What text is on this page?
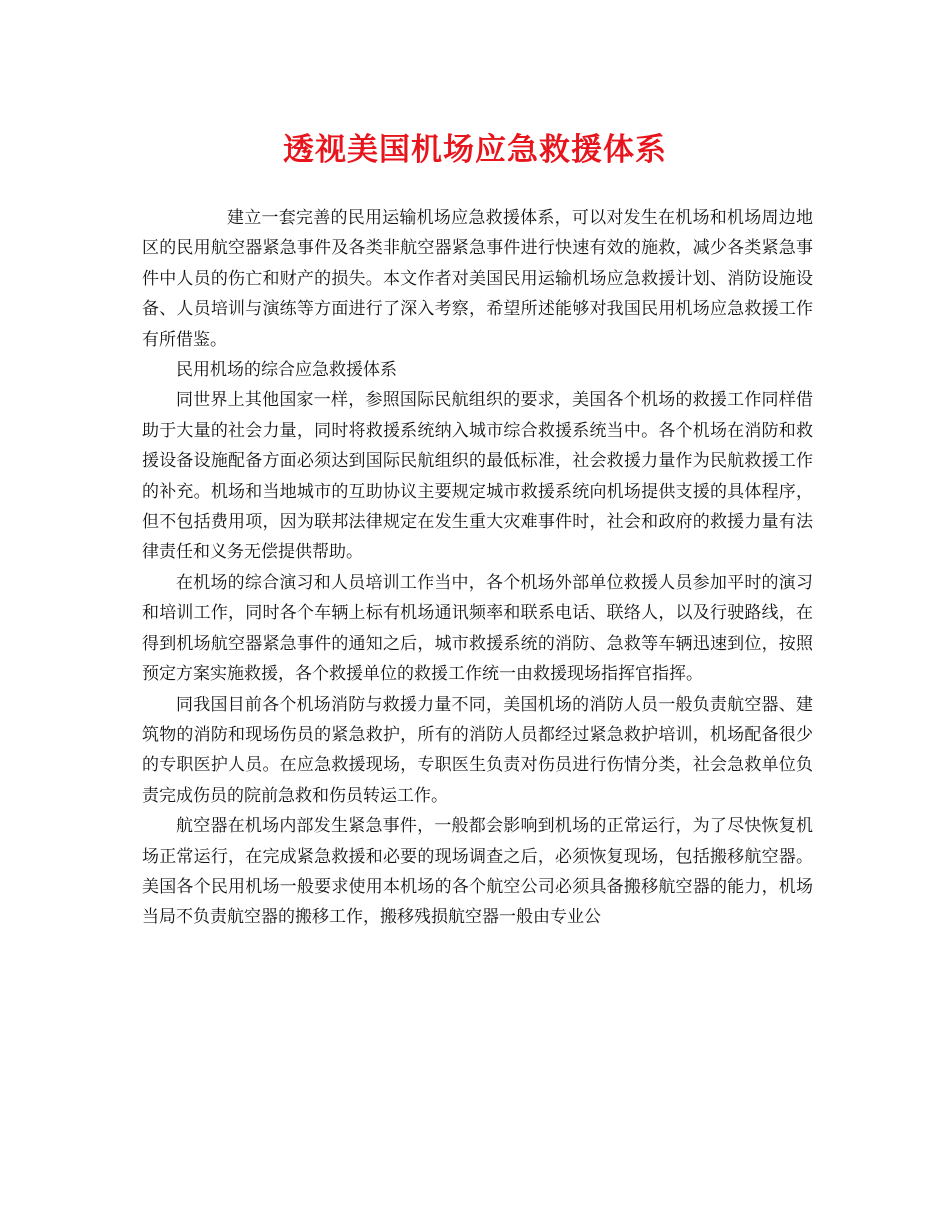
透视美国机场应急救援体系

建立一套完善的民用运输机场应急救援体系，可以对发生在机场和机场周边地区的民用航空器紧急事件及各类非航空器紧急事件进行快速有效的施救，减少各类紧急事件中人员的伤亡和财产的损失。本文作者对美国民用运输机场应急救援计划、消防设施设备、人员培训与演练等方面进行了深入考察，希望所述能够对我国民用机场应急救援工作有所借鉴。

民用机场的综合应急救援体系

同世界上其他国家一样，参照国际民航组织的要求，美国各个机场的救援工作同样借助于大量的社会力量，同时将救援系统纳入城市综合救援系统当中。各个机场在消防和救援设备设施配备方面必须达到国际民航组织的最低标准，社会救援力量作为民航救援工作的补充。机场和当地城市的互助协议主要规定城市救援系统向机场提供支援的具体程序，但不包括费用项，因为联邦法律规定在发生重大灾难事件时，社会和政府的救援力量有法律责任和义务无偿提供帮助。

在机场的综合演习和人员培训工作当中，各个机场外部单位救援人员参加平时的演习和培训工作，同时各个车辆上标有机场通讯频率和联系电话、联络人，以及行驶路线，在得到机场航空器紧急事件的通知之后，城市救援系统的消防、急救等车辆迅速到位，按照预定方案实施救援，各个救援单位的救援工作统一由救援现场指挥官指挥。

同我国目前各个机场消防与救援力量不同，美国机场的消防人员一般负责航空器、建筑物的消防和现场伤员的紧急救护，所有的消防人员都经过紧急救护培训，机场配备很少的专职医护人员。在应急救援现场，专职医生负责对伤员进行伤情分类，社会急救单位负责完成伤员的院前急救和伤员转运工作。

航空器在机场内部发生紧急事件，一般都会影响到机场的正常运行，为了尽快恢复机场正常运行，在完成紧急救援和必要的现场调查之后，必须恢复现场，包括搬移航空器。美国各个民用机场一般要求使用本机场的各个航空公司必须具备搬移航空器的能力，机场当局不负责航空器的搬移工作，搬移残损航空器一般由专业公
